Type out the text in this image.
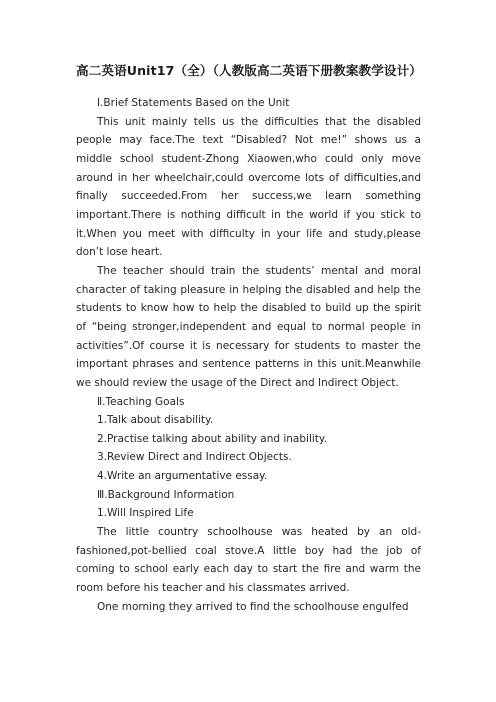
高二英语Unit17（全）（人教版高二英语下册教案教学设计）

Ⅰ.Brief Statements Based on the Unit

This unit mainly tells us the difficulties that the disabled people may face.The text “Disabled? Not me!” shows us a middle school student-Zhong Xiaowen,who could only move around in her wheelchair,could overcome lots of difficulties,and finally succeeded.From her success,we learn something important.There is nothing difficult in the world if you stick to it.When you meet with difficulty in your life and study,please don’t lose heart.

The teacher should train the students’ mental and moral character of taking pleasure in helping the disabled and help the students to know how to help the disabled to build up the spirit of “being stronger,independent and equal to normal people in activities”.Of course it is necessary for students to master the important phrases and sentence patterns in this unit.Meanwhile we should review the usage of the Direct and Indirect Object.

Ⅱ.Teaching Goals

1.Talk about disability.

2.Practise talking about ability and inability.

3.Review Direct and Indirect Objects.

4.Write an argumentative essay.

Ⅲ.Background Information

1.Will Inspired Life

The little country schoolhouse was heated by an old-fashioned,pot-bellied coal stove.A little boy had the job of coming to school early each day to start the fire and warm the room before his teacher and his classmates arrived.

One morning they arrived to find the schoolhouse engulfed
